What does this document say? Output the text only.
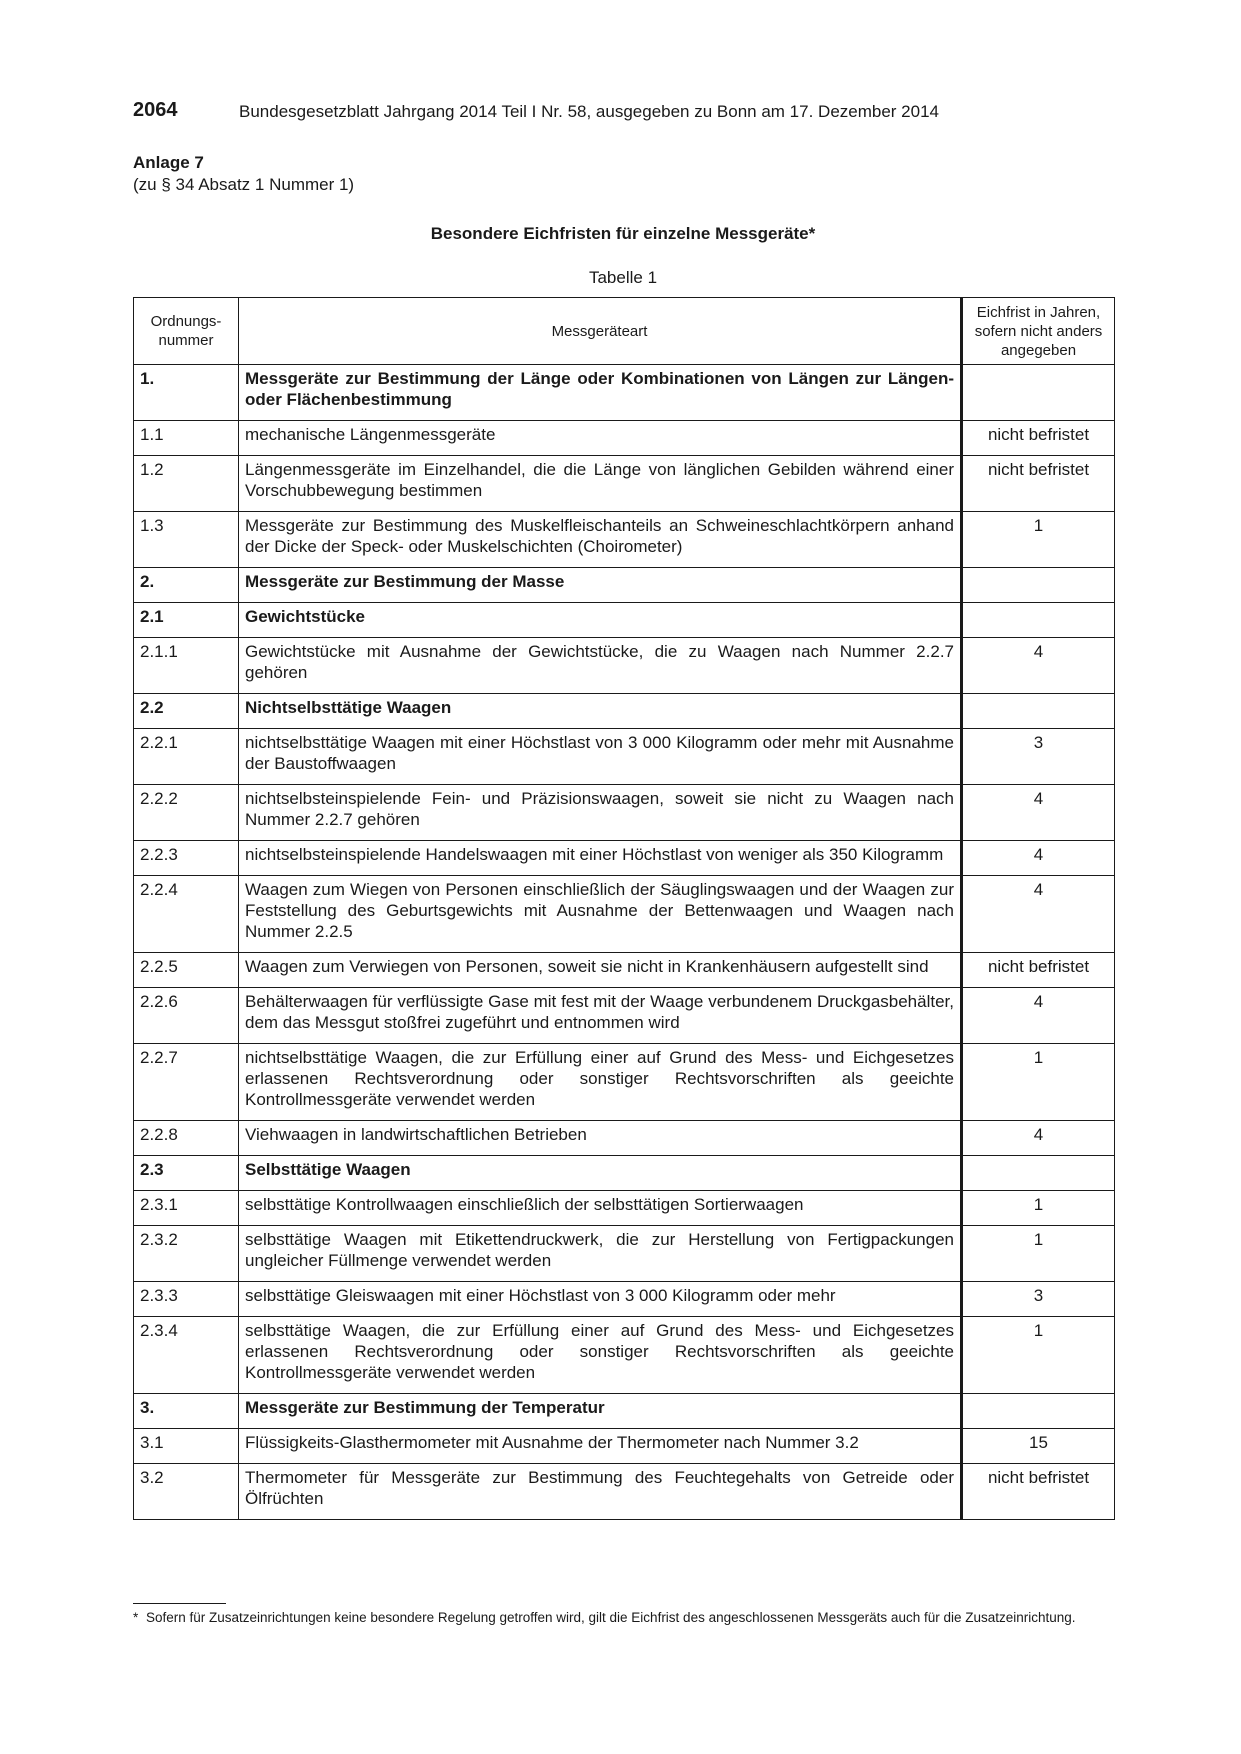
2064	Bundesgesetzblatt Jahrgang 2014 Teil I Nr. 58, ausgegeben zu Bonn am 17. Dezember 2014
Anlage 7
(zu § 34 Absatz 1 Nummer 1)
Besondere Eichfristen für einzelne Messgeräte*
Tabelle 1
Ordnungs-nummer	Messgeräteart	Eichfrist in Jahren, sofern nicht anders angegeben
1.	Messgeräte zur Bestimmung der Länge oder Kombinationen von Längen zur Längen- oder Flächenbestimmung	
1.1	mechanische Längenmessgeräte	nicht befristet
1.2	Längenmessgeräte im Einzelhandel, die die Länge von länglichen Gebilden während einer Vorschubbewegung bestimmen	nicht befristet
1.3	Messgeräte zur Bestimmung des Muskelfleischanteils an Schweineschlachtkörpern anhand der Dicke der Speck- oder Muskelschichten (Choirometer)	1
2.	Messgeräte zur Bestimmung der Masse	
2.1	Gewichtstücke	
2.1.1	Gewichtstücke mit Ausnahme der Gewichtstücke, die zu Waagen nach Nummer 2.2.7 gehören	4
2.2	Nichtselbsttätige Waagen	
2.2.1	nichtselbsttätige Waagen mit einer Höchstlast von 3 000 Kilogramm oder mehr mit Ausnahme der Baustoffwaagen	3
2.2.2	nichtselbsteinspielende Fein- und Präzisionswaagen, soweit sie nicht zu Waagen nach Nummer 2.2.7 gehören	4
2.2.3	nichtselbsteinspielende Handelswaagen mit einer Höchstlast von weniger als 350 Kilogramm	4
2.2.4	Waagen zum Wiegen von Personen einschließlich der Säuglingswaagen und der Waagen zur Feststellung des Geburtsgewichts mit Ausnahme der Bettenwaagen und Waagen nach Nummer 2.2.5	4
2.2.5	Waagen zum Verwiegen von Personen, soweit sie nicht in Krankenhäusern aufgestellt sind	nicht befristet
2.2.6	Behälterwaagen für verflüssigte Gase mit fest mit der Waage verbundenem Druckgasbehälter, dem das Messgut stoßfrei zugeführt und entnommen wird	4
2.2.7	nichtselbsttätige Waagen, die zur Erfüllung einer auf Grund des Mess- und Eichgesetzes erlassenen Rechtsverordnung oder sonstiger Rechtsvorschriften als geeichte Kontrollmessgeräte verwendet werden	1
2.2.8	Viehwaagen in landwirtschaftlichen Betrieben	4
2.3	Selbsttätige Waagen	
2.3.1	selbsttätige Kontrollwaagen einschließlich der selbsttätigen Sortierwaagen	1
2.3.2	selbsttätige Waagen mit Etikettendruckwerk, die zur Herstellung von Fertigpackungen ungleicher Füllmenge verwendet werden	1
2.3.3	selbsttätige Gleiswaagen mit einer Höchstlast von 3 000 Kilogramm oder mehr	3
2.3.4	selbsttätige Waagen, die zur Erfüllung einer auf Grund des Mess- und Eichgesetzes erlassenen Rechtsverordnung oder sonstiger Rechtsvorschriften als geeichte Kontrollmessgeräte verwendet werden	1
3.	Messgeräte zur Bestimmung der Temperatur	
3.1	Flüssigkeits-Glasthermometer mit Ausnahme der Thermometer nach Nummer 3.2	15
3.2	Thermometer für Messgeräte zur Bestimmung des Feuchtegehalts von Getreide oder Ölfrüchten	nicht befristet
* Sofern für Zusatzeinrichtungen keine besondere Regelung getroffen wird, gilt die Eichfrist des angeschlossenen Messgeräts auch für die Zusatzeinrichtung.
